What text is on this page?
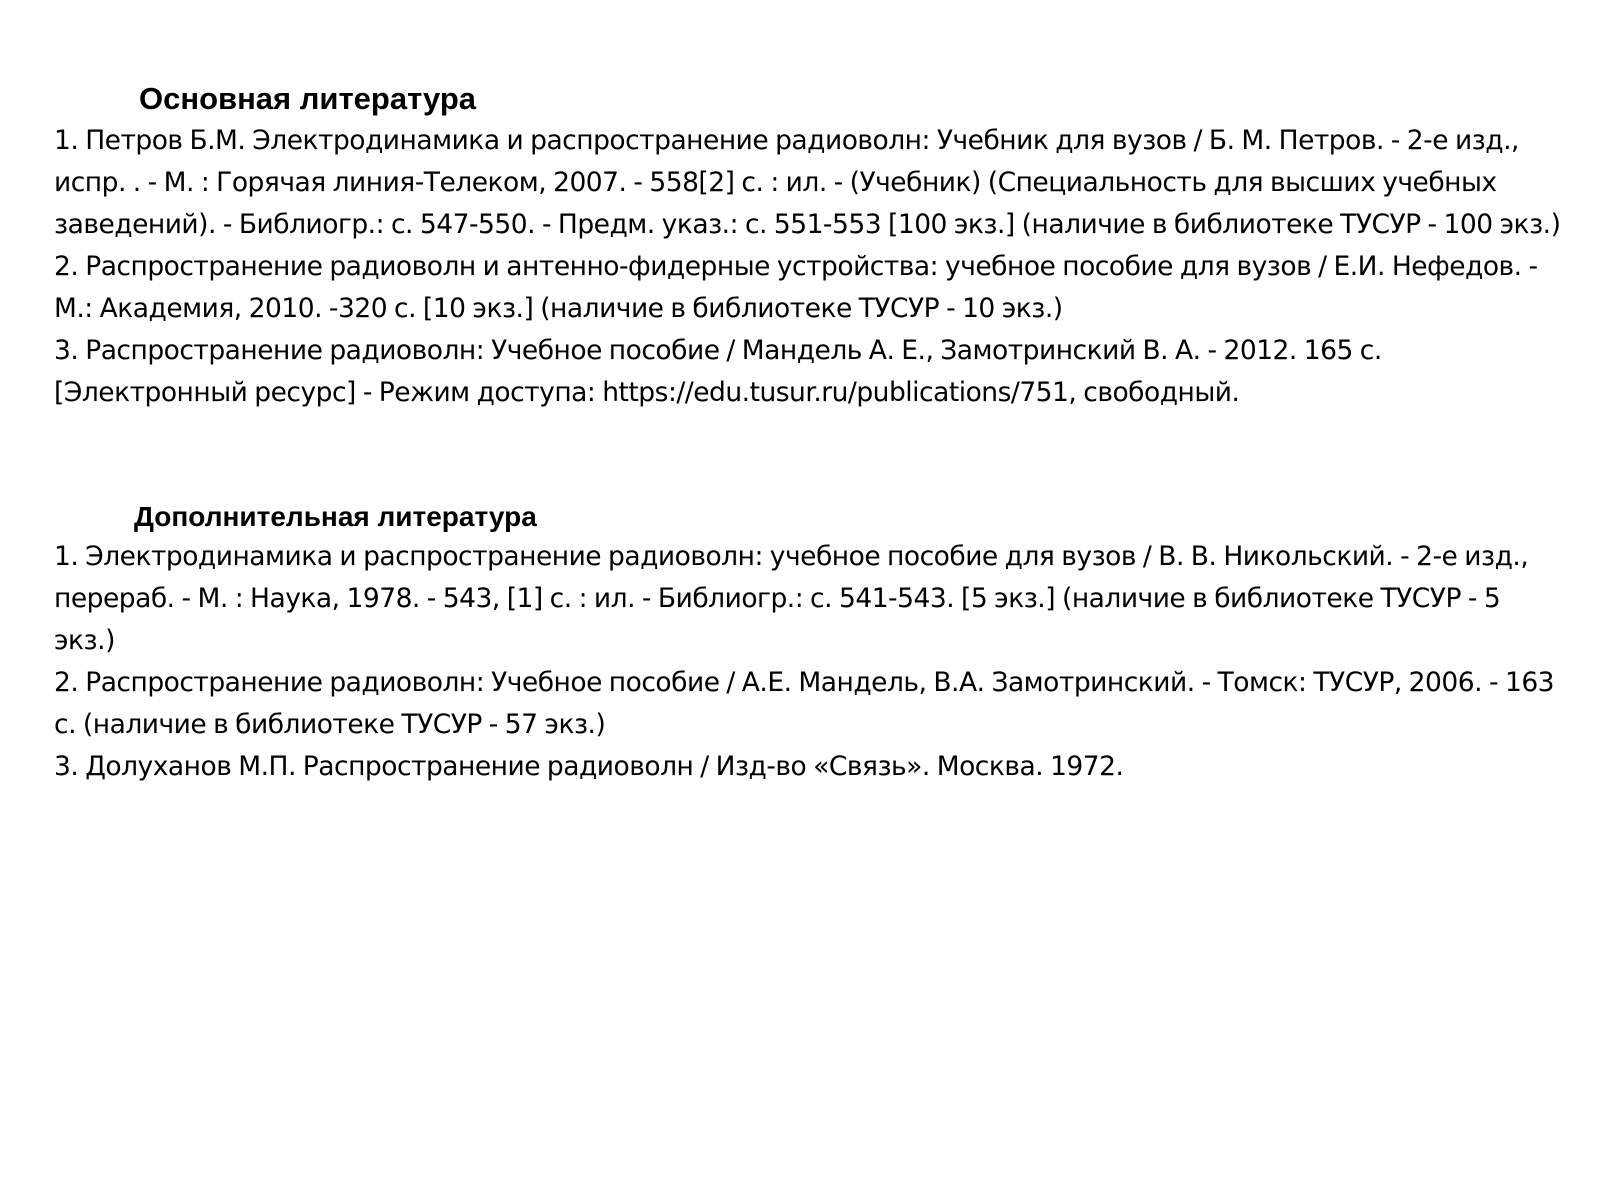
Основная литература
1. Петров Б.М. Электродинамика и распространение радиоволн: Учебник для вузов / Б. М. Петров. - 2-е изд., испр. . - М. : Горячая линия-Телеком, 2007. - 558[2] с. : ил. - (Учебник) (Специальность для высших учебных заведений). - Библиогр.: с. 547-550. - Предм. указ.: с. 551-553 [100 экз.] (наличие в библиотеке ТУСУР - 100 экз.)
2. Распространение радиоволн и антенно-фидерные устройства: учебное пособие для вузов / Е.И. Нефедов. - М.: Академия, 2010. -320 с. [10 экз.] (наличие в библиотеке ТУСУР - 10 экз.)
3. Распространение радиоволн: Учебное пособие / Мандель А. Е., Замотринский В. А. - 2012. 165 с. [Электронный ресурс] - Режим доступа: https://edu.tusur.ru/publications/751, свободный.
Дополнительная литература
1. Электродинамика и распространение радиоволн: учебное пособие для вузов / В. В. Никольский. - 2-е изд., перераб. - М. : Наука, 1978. - 543, [1] с. : ил. - Библиогр.: с. 541-543. [5 экз.] (наличие в библиотеке ТУСУР - 5 экз.)
2. Распространение радиоволн: Учебное пособие / А.Е. Мандель, В.А. Замотринский. - Томск: ТУСУР, 2006. - 163 с. (наличие в библиотеке ТУСУР - 57 экз.)
3. Долуханов М.П. Распространение радиоволн / Изд-во «Связь». Москва. 1972.
